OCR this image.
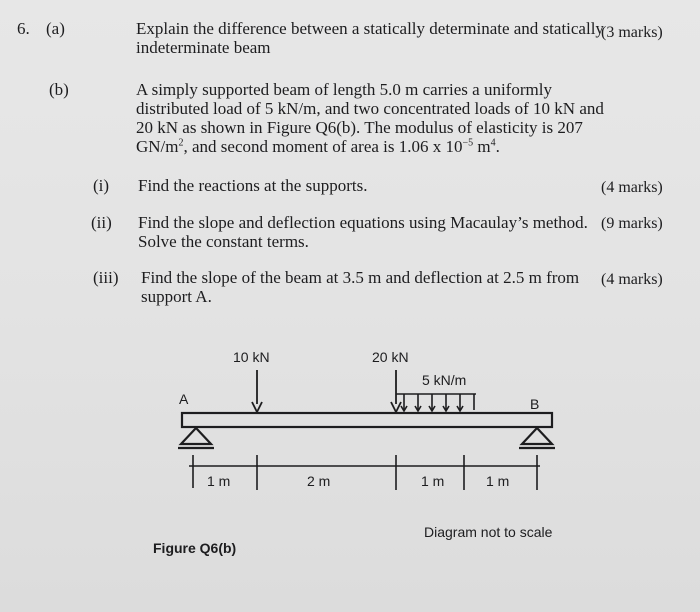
6. (a)	Explain the difference between a statically determinate and statically
indeterminate beam
(3 marks)
(b)	A simply supported beam of length 5.0 m carries a uniformly
distributed load of 5 kN/m, and two concentrated loads of 10 kN and
20 kN as shown in Figure Q6(b). The modulus of elasticity is 207
$GN/m^2$, and second moment of area is 1.06 x $10^{-5}$ $m^4$.
(i) Find the reactions at the supports.	(4 marks)
(ii) Find the slope and deflection equations using Macaulay’s method.
Solve the constant terms.
(9 marks)
(iii) Find the slope of the beam at 3.5 m and deflection at 2.5 m from
support A.
(4 marks)
10 kN	20 kN
5 kN/m
A	B
1 m	2 m	1 m	1 m
Figure Q6(b)
Diagram not to scale
